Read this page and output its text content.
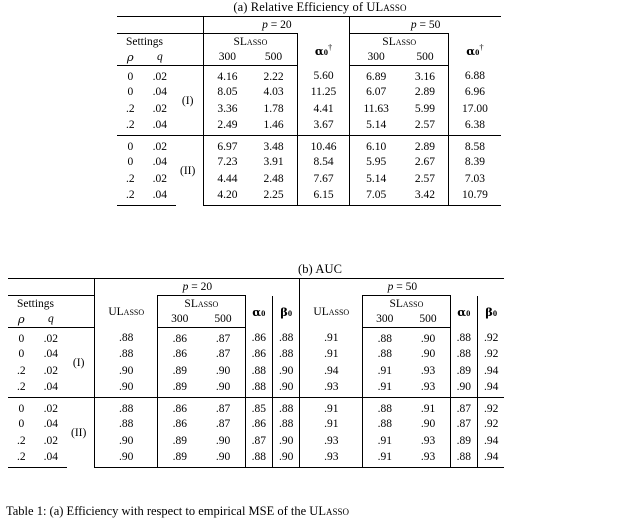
(a) Relative Efficiency of ULasso
			p = 20			p = 50		
Settings			SLasso		α0†	SLasso		α0†
ρ	q		300	500		300	500	
0	.02	(I)	4.16	2.22	5.60	6.89	3.16	6.88
0	.04		8.05	4.03	11.25	6.07	2.89	6.96
.2	.02		3.36	1.78	4.41	11.63	5.99	17.00
.2	.04		2.49	1.46	3.67	5.14	2.57	6.38
0	.02	(II)	6.97	3.48	10.46	6.10	2.89	8.58
0	.04		7.23	3.91	8.54	5.95	2.67	8.39
.2	.02		4.44	2.48	7.67	5.14	2.57	7.03
.2	.04		4.20	2.25	6.15	7.05	3.42	10.79
(b) AUC
			p = 20					p = 50				
Settings			ULasso	SLasso		α0	β0	ULasso	SLasso		α0	β0
ρ	q			300	500				300	500		
0	.02	(I)	.88	.86	.87	.86	.88	.91	.88	.90	.88	.92
0	.04		.88	.86	.87	.86	.88	.91	.88	.90	.88	.92
.2	.02		.90	.89	.90	.88	.90	.94	.91	.93	.89	.94
.2	.04		.90	.89	.90	.88	.90	.93	.91	.93	.90	.94
0	.02	(II)	.88	.86	.87	.85	.88	.91	.88	.91	.87	.92
0	.04		.88	.86	.87	.86	.88	.91	.88	.90	.87	.92
.2	.02		.90	.89	.90	.87	.90	.93	.91	.93	.89	.94
.2	.04		.90	.89	.90	.88	.90	.93	.91	.93	.88	.94
Table 1: (a) Efficiency with respect to empirical MSE of the ULasso
